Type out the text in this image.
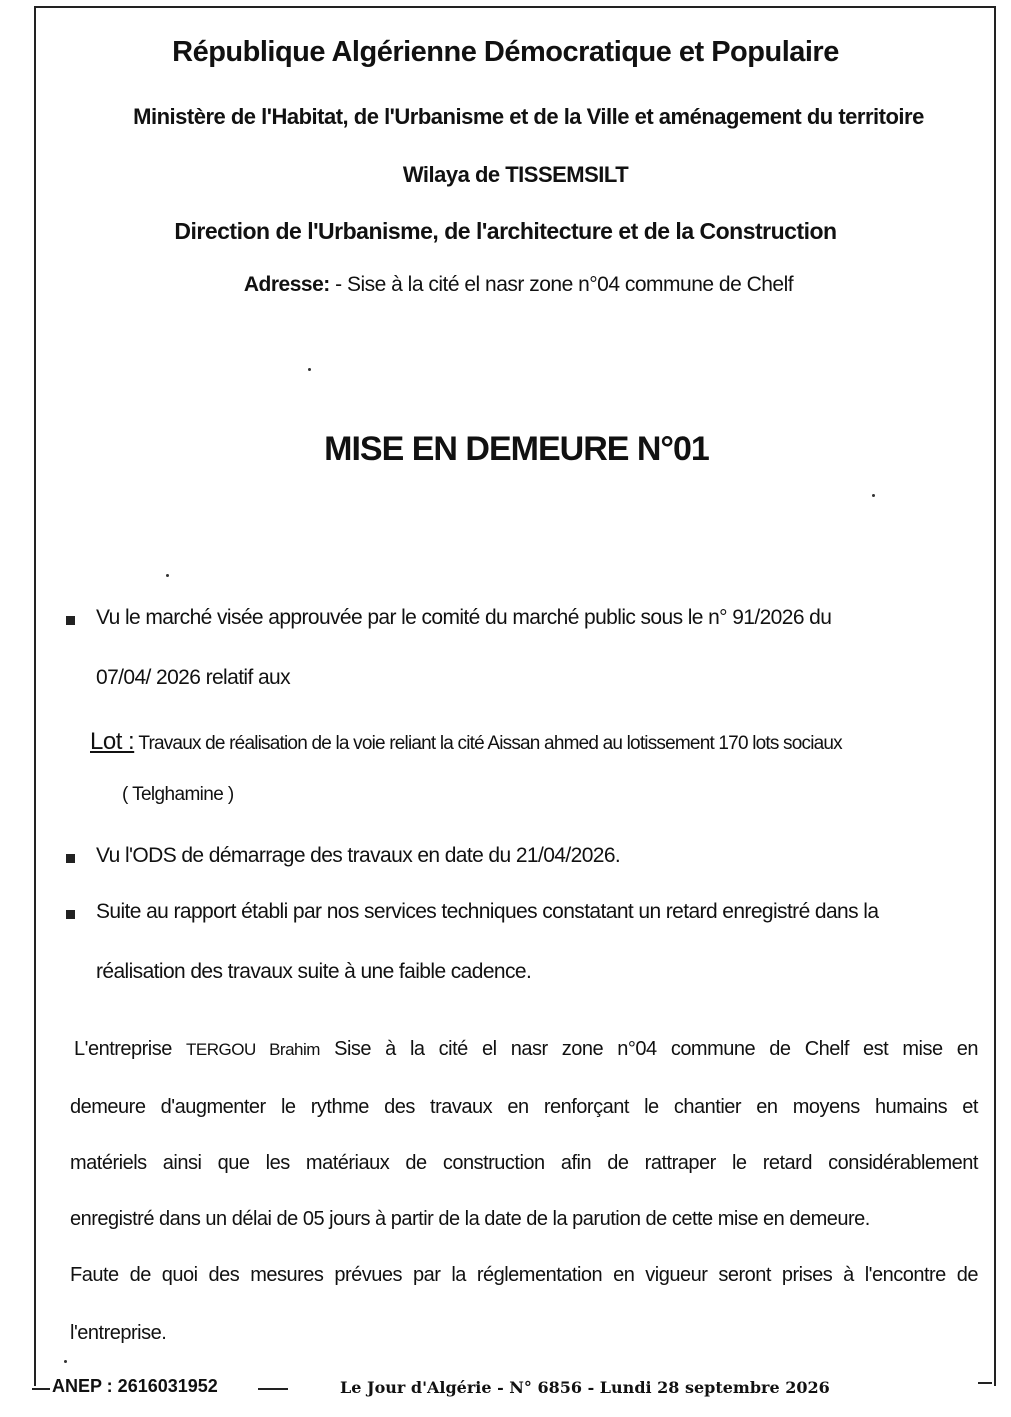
République Algérienne Démocratique et Populaire
Ministère de l'Habitat, de l'Urbanisme et de la Ville et aménagement du territoire
Wilaya de TISSEMSILT
Direction de l'Urbanisme, de l'architecture et de la Construction
Adresse: - Sise à la cité el nasr zone n°04 commune de Chelf
MISE EN DEMEURE N°01
Vu le marché visée approuvée par le comité du marché public sous le n° 91/2026 du
07/04/ 2026 relatif aux
Lot : Travaux de réalisation de la voie reliant la cité Aissan ahmed au lotissement 170 lots sociaux
( Telghamine )
Vu l'ODS de démarrage des travaux en date du 21/04/2026.
Suite au rapport établi par nos services techniques constatant un retard enregistré dans la
réalisation des travaux suite à une faible cadence.
L'entreprise TERGOU Brahim Sise à la cité el nasr zone n°04 commune de Chelf est mise en
demeure d'augmenter le rythme des travaux en renforçant le chantier en moyens humains et
matériels ainsi que les matériaux de construction afin de rattraper le retard considérablement
enregistré dans un délai de 05 jours à partir de la date de la parution de cette mise en demeure.
Faute de quoi des mesures prévues par la réglementation en vigueur seront prises à l'encontre de
l'entreprise.
ANEP : 2616031952	Le Jour d'Algérie - N° 6856 - Lundi 28 septembre 2026
